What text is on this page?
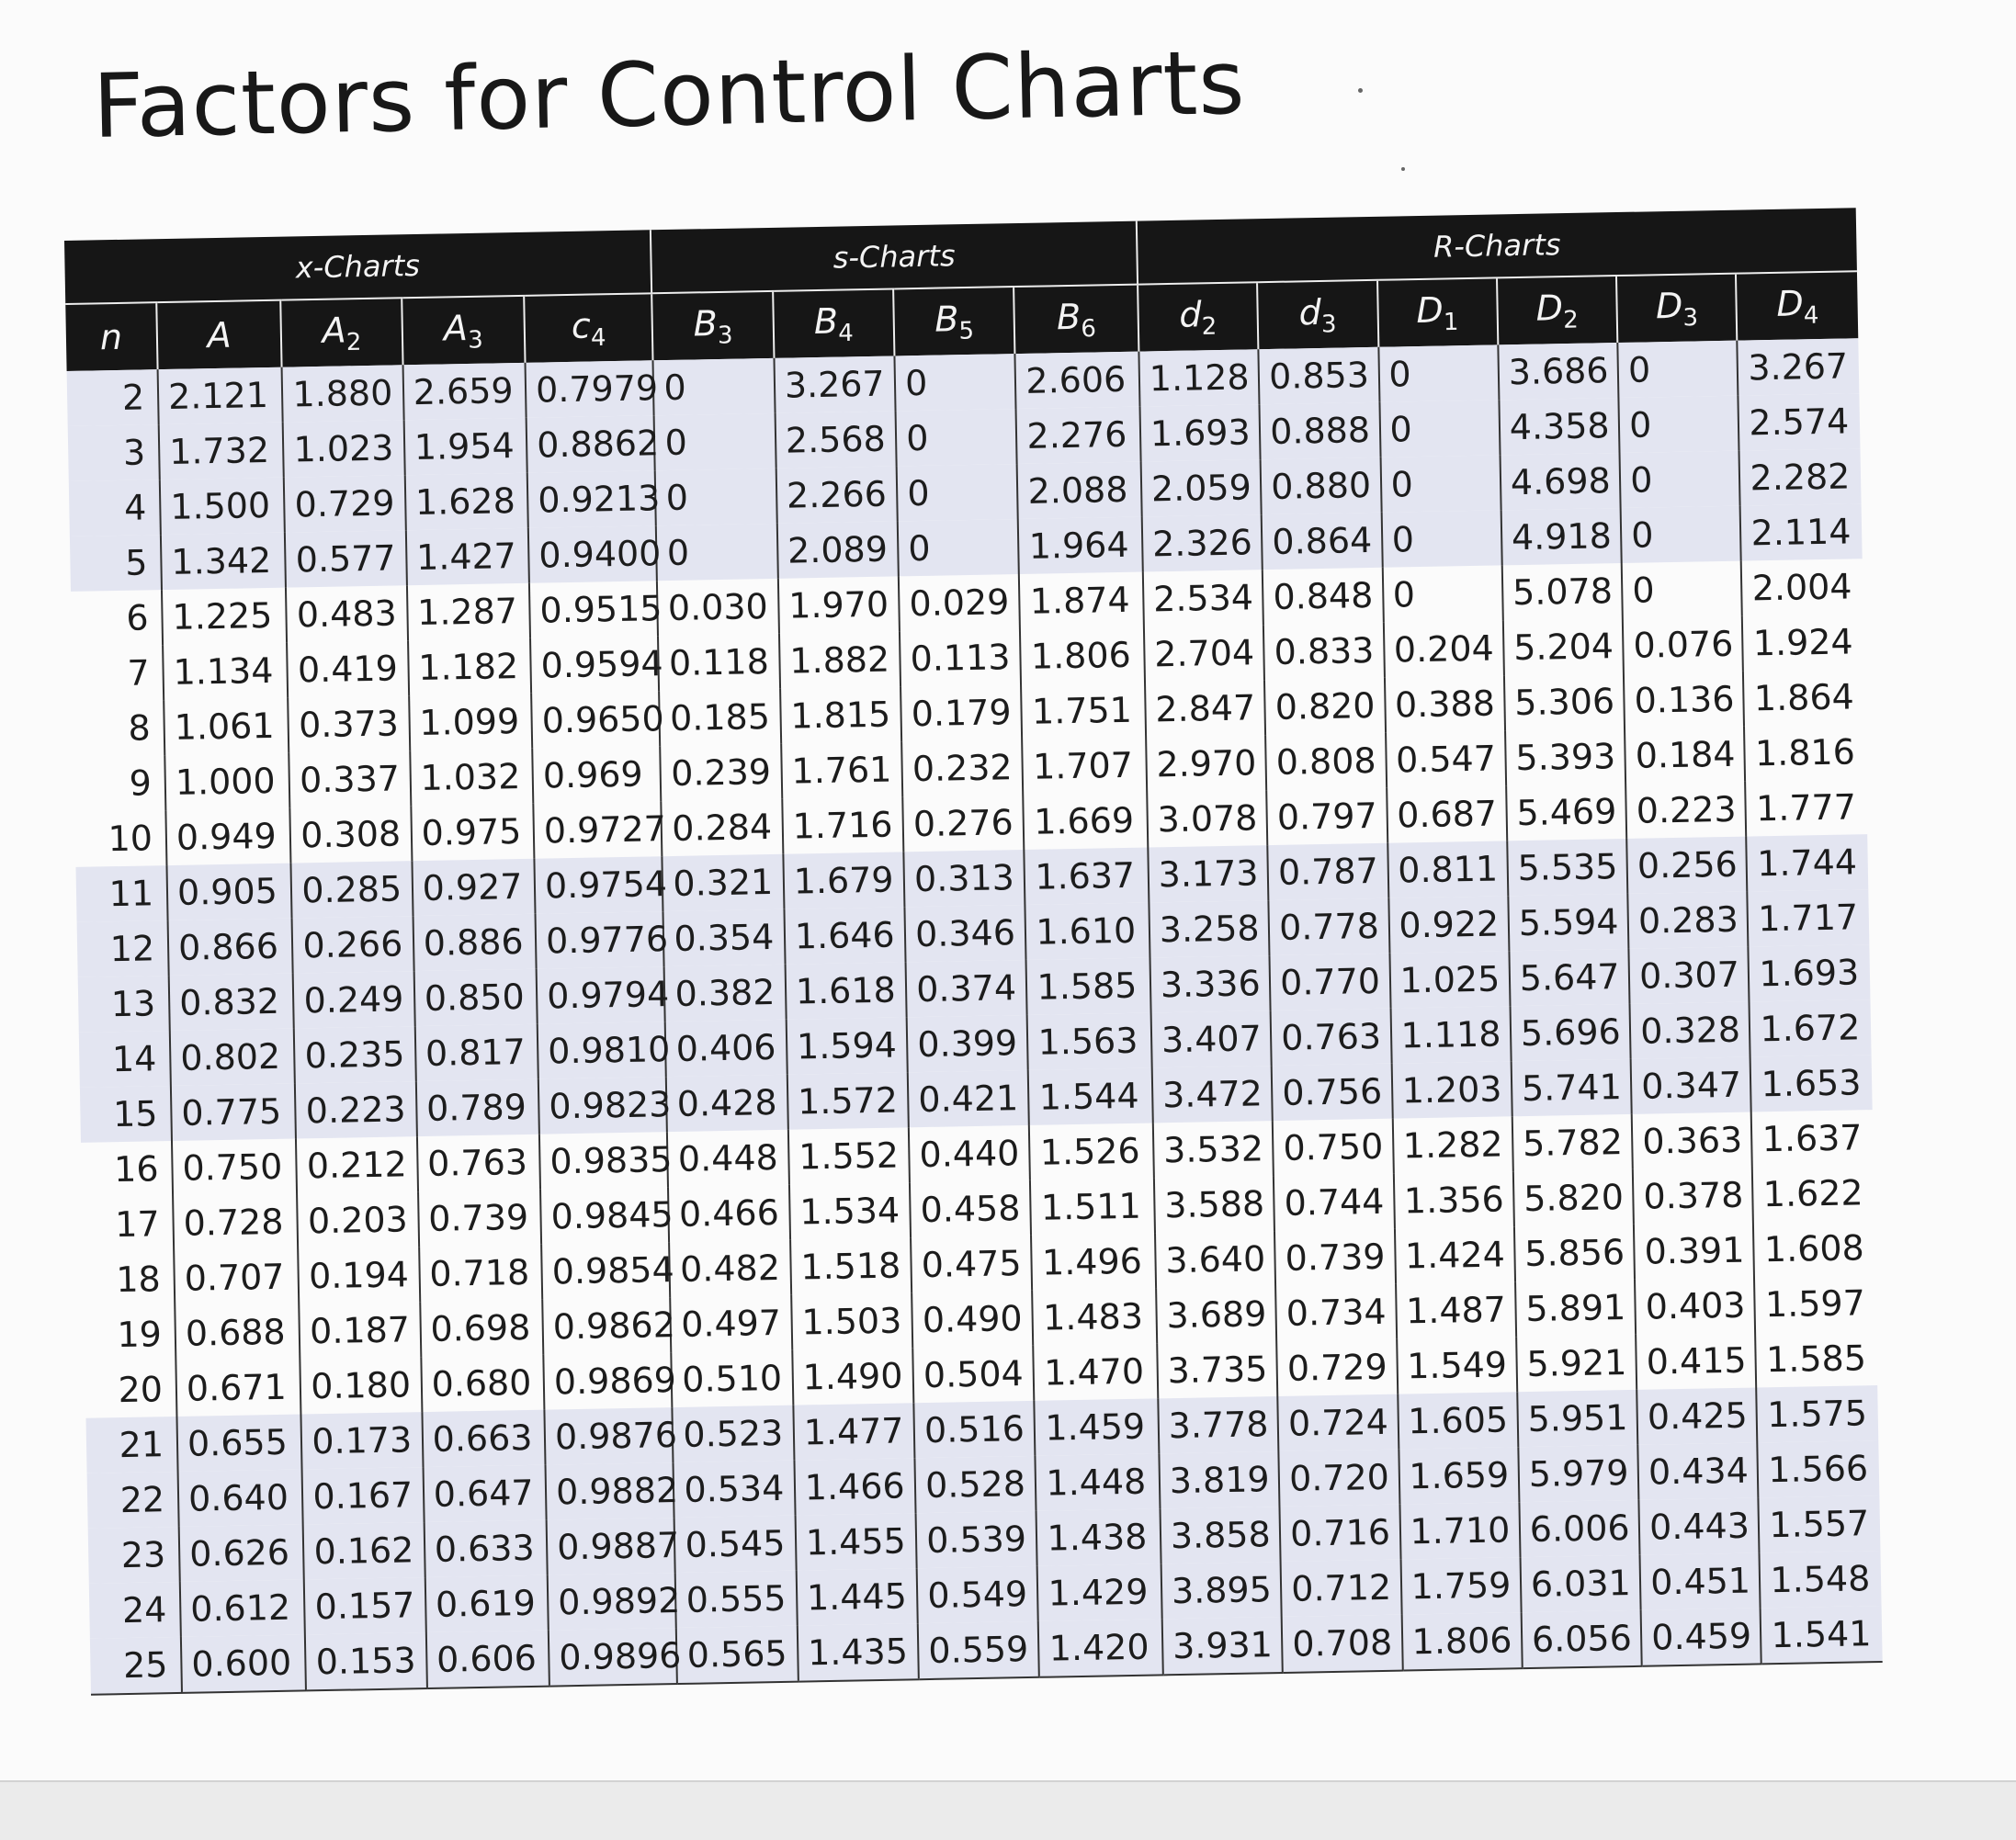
Factors for Control Charts
x-Charts					s-Charts				R-Charts					
n	A	$A_2$	$A_3$	$c_4$	$B_3$	$B_4$	$B_5$	$B_6$	$d_2$	$d_3$	$D_1$	$D_2$	$D_3$	$D_4$
2	2.121	1.880	2.659	0.7979	0	3.267	0	2.606	1.128	0.853	0	3.686	0	3.267
3	1.732	1.023	1.954	0.8862	0	2.568	0	2.276	1.693	0.888	0	4.358	0	2.574
4	1.500	0.729	1.628	0.9213	0	2.266	0	2.088	2.059	0.880	0	4.698	0	2.282
5	1.342	0.577	1.427	0.9400	0	2.089	0	1.964	2.326	0.864	0	4.918	0	2.114
6	1.225	0.483	1.287	0.9515	0.030	1.970	0.029	1.874	2.534	0.848	0	5.078	0	2.004
7	1.134	0.419	1.182	0.9594	0.118	1.882	0.113	1.806	2.704	0.833	0.204	5.204	0.076	1.924
8	1.061	0.373	1.099	0.9650	0.185	1.815	0.179	1.751	2.847	0.820	0.388	5.306	0.136	1.864
9	1.000	0.337	1.032	0.969	0.239	1.761	0.232	1.707	2.970	0.808	0.547	5.393	0.184	1.816
10	0.949	0.308	0.975	0.9727	0.284	1.716	0.276	1.669	3.078	0.797	0.687	5.469	0.223	1.777
11	0.905	0.285	0.927	0.9754	0.321	1.679	0.313	1.637	3.173	0.787	0.811	5.535	0.256	1.744
12	0.866	0.266	0.886	0.9776	0.354	1.646	0.346	1.610	3.258	0.778	0.922	5.594	0.283	1.717
13	0.832	0.249	0.850	0.9794	0.382	1.618	0.374	1.585	3.336	0.770	1.025	5.647	0.307	1.693
14	0.802	0.235	0.817	0.9810	0.406	1.594	0.399	1.563	3.407	0.763	1.118	5.696	0.328	1.672
15	0.775	0.223	0.789	0.9823	0.428	1.572	0.421	1.544	3.472	0.756	1.203	5.741	0.347	1.653
16	0.750	0.212	0.763	0.9835	0.448	1.552	0.440	1.526	3.532	0.750	1.282	5.782	0.363	1.637
17	0.728	0.203	0.739	0.9845	0.466	1.534	0.458	1.511	3.588	0.744	1.356	5.820	0.378	1.622
18	0.707	0.194	0.718	0.9854	0.482	1.518	0.475	1.496	3.640	0.739	1.424	5.856	0.391	1.608
19	0.688	0.187	0.698	0.9862	0.497	1.503	0.490	1.483	3.689	0.734	1.487	5.891	0.403	1.597
20	0.671	0.180	0.680	0.9869	0.510	1.490	0.504	1.470	3.735	0.729	1.549	5.921	0.415	1.585
21	0.655	0.173	0.663	0.9876	0.523	1.477	0.516	1.459	3.778	0.724	1.605	5.951	0.425	1.575
22	0.640	0.167	0.647	0.9882	0.534	1.466	0.528	1.448	3.819	0.720	1.659	5.979	0.434	1.566
23	0.626	0.162	0.633	0.9887	0.545	1.455	0.539	1.438	3.858	0.716	1.710	6.006	0.443	1.557
24	0.612	0.157	0.619	0.9892	0.555	1.445	0.549	1.429	3.895	0.712	1.759	6.031	0.451	1.548
25	0.600	0.153	0.606	0.9896	0.565	1.435	0.559	1.420	3.931	0.708	1.806	6.056	0.459	1.541
